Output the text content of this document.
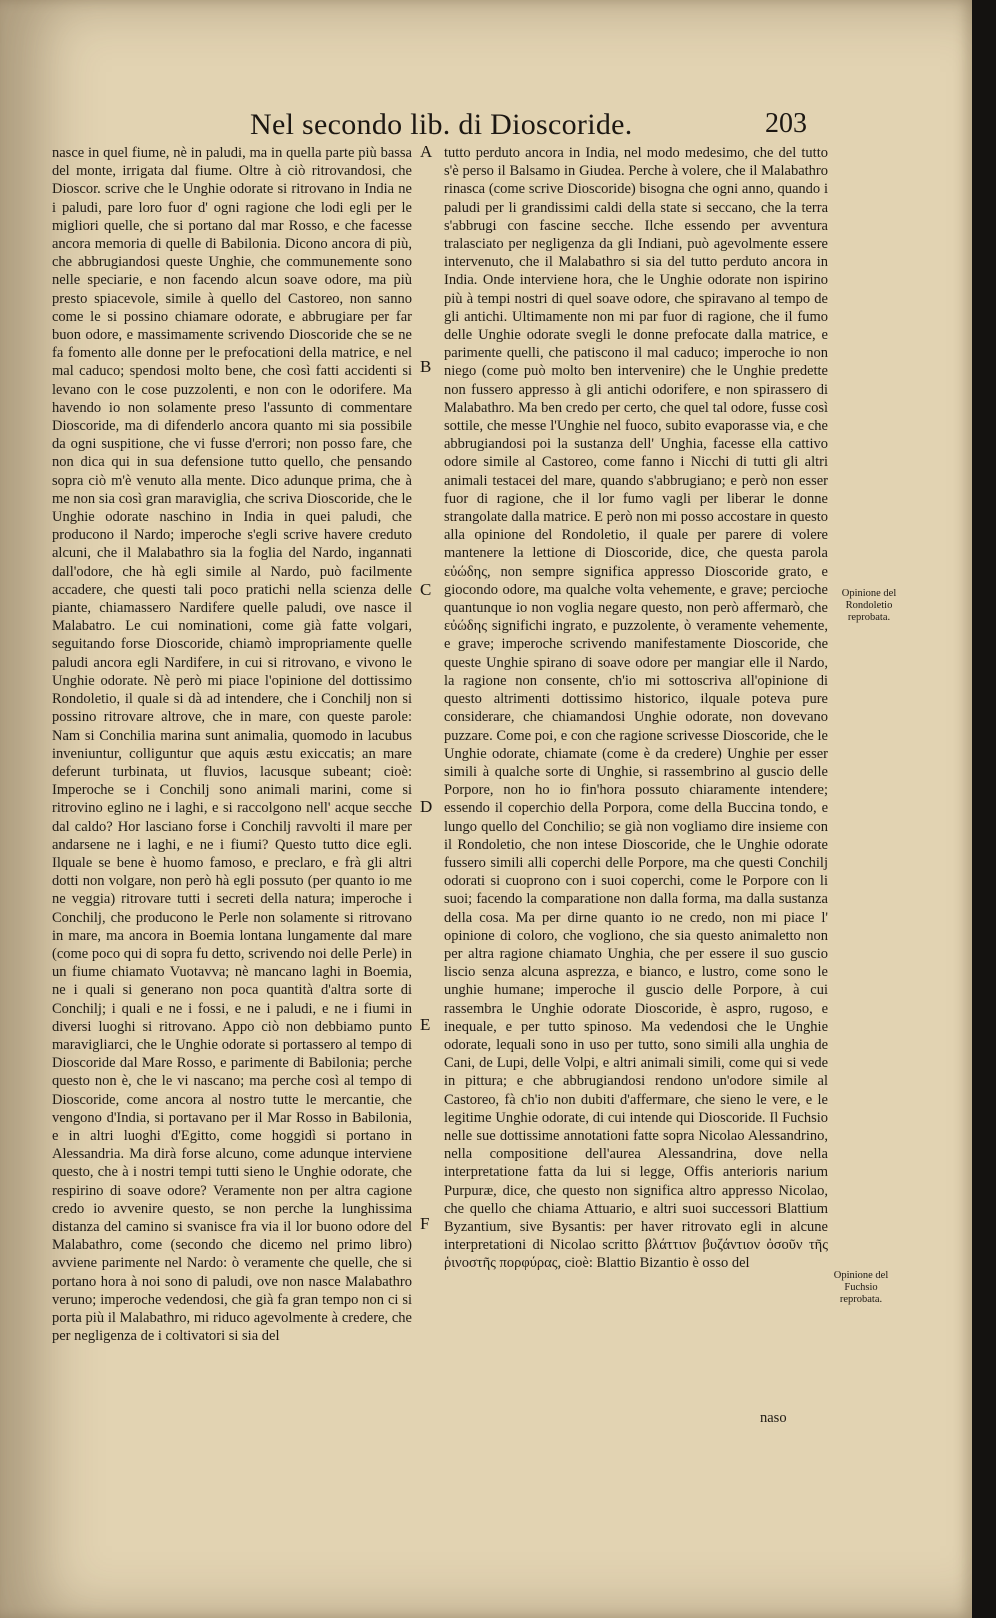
Nel secondo lib. di Dioscoride.	203

nasce in quel fiume, nè in paludi, ma in quella parte più bassa del monte, irrigata dal fiume. Oltre à ciò ritrovandosi, che Dioscor. scrive che le Unghie odorate si ritrovano in India ne i paludi, pare loro fuor d' ogni ragione che lodi egli per le migliori quelle, che si portano dal mar Rosso, e che facesse ancora memoria di quelle di Babilonia. Dicono ancora di più, che abbrugiandosi queste Unghie, che communemente sono nelle speciarie, e non facendo alcun soave odore, ma più presto spiacevole, simile à quello del Castoreo, non sanno come le si possino chiamare odorate, e abbrugiare per far buon odore, e massimamente scrivendo Dioscoride che se ne fa fomento alle donne per le prefocationi della matrice, e nel mal caduco; spendosi molto bene, che così fatti accidenti si levano con le cose puzzolenti, e non con le odorifere. Ma havendo io non solamente preso l'assunto di commentare Dioscoride, ma di difenderlo ancora quanto mi sia possibile da ogni suspitione, che vi fusse d'errori; non posso fare, che non dica qui in sua defensione tutto quello, che pensando sopra ciò m'è venuto alla mente. Dico adunque prima, che à me non sia così gran maraviglia, che scriva Dioscoride, che le Unghie odorate naschino in India in quei paludi, che producono il Nardo; imperoche s'egli scrive havere creduto alcuni, che il Malabathro sia la foglia del Nardo, ingannati dall'odore, che hà egli simile al Nardo, può facilmente accadere, che questi tali poco pratichi nella scienza delle piante, chiamassero Nardifere quelle paludi, ove nasce il Malabatro. Le cui nominationi, come già fatte volgari, seguitando forse Dioscoride, chiamò impropriamente quelle paludi ancora egli Nardifere, in cui si ritrovano, e vivono le Unghie odorate. Nè però mi piace l'opinione del dottissimo Rondoletio, il quale si dà ad intendere, che i Conchilj non si possino ritrovare altrove, che in mare, con queste parole: Nam si Conchilia marina sunt animalia, quomodo in lacubus inveniuntur, colliguntur que aquis æstu exiccatis; an mare deferunt turbinata, ut fluvios, lacusque subeant; cioè: Imperoche se i Conchilj sono animali marini, come si ritrovino eglino ne i laghi, e si raccolgono nell' acque secche dal caldo? Hor lasciano forse i Conchilj ravvolti il mare per andarsene ne i laghi, e ne i fiumi? Questo tutto dice egli. Ilquale se bene è huomo famoso, e preclaro, e frà gli altri dotti non volgare, non però hà egli possuto (per quanto io me ne veggia) ritrovare tutti i secreti della natura; imperoche i Conchilj, che producono le Perle non solamente si ritrovano in mare, ma ancora in Boemia lontana lungamente dal mare (come poco qui di sopra fu detto, scrivendo noi delle Perle) in un fiume chiamato Vuotavva; nè mancano laghi in Boemia, ne i quali si generano non poca quantità d'altra sorte di Conchilj; i quali e ne i fossi, e ne i paludi, e ne i fiumi in diversi luoghi si ritrovano. Appo ciò non debbiamo punto maravigliarci, che le Unghie odorate si portassero al tempo di Dioscoride dal Mare Rosso, e parimente di Babilonia; perche questo non è, che le vi nascano; ma perche così al tempo di Dioscoride, come ancora al nostro tutte le mercantie, che vengono d'India, si portavano per il Mar Rosso in Babilonia, e in altri luoghi d'Egitto, come hoggidì si portano in Alessandria. Ma dirà forse alcuno, come adunque interviene questo, che à i nostri tempi tutti sieno le Unghie odorate, che respirino di soave odore? Veramente non per altra cagione credo io avvenire questo, se non perche la lunghissima distanza del camino si svanisce fra via il lor buono odore del Malabathro, come (secondo che dicemo nel primo libro) avviene parimente nel Nardo: ò veramente che quelle, che si portano hora à noi sono di paludi, ove non nasce Malabathro veruno; imperoche vedendosi, che già fa gran tempo non ci si porta più il Malabathro, mi riduco agevolmente à credere, che per negligenza de i coltivatori si sia del

tutto perduto ancora in India, nel modo medesimo, che del tutto s'è perso il Balsamo in Giudea. Perche à volere, che il Malabathro rinasca (come scrive Dioscoride) bisogna che ogni anno, quando i paludi per li grandissimi caldi della state si seccano, che la terra s'abbrugi con fascine secche. Ilche essendo per avventura tralasciato per negligenza da gli Indiani, può agevolmente essere intervenuto, che il Malabathro si sia del tutto perduto ancora in India. Onde interviene hora, che le Unghie odorate non ispirino più à tempi nostri di quel soave odore, che spiravano al tempo de gli antichi. Ultimamente non mi par fuor di ragione, che il fumo delle Unghie odorate svegli le donne prefocate dalla matrice, e parimente quelli, che patiscono il mal caduco; imperoche io non niego (come può molto ben intervenire) che le Unghie predette non fussero appresso à gli antichi odorifere, e non spirassero di Malabathro. Ma ben credo per certo, che quel tal odore, fusse così sottile, che messe l'Unghie nel fuoco, subito evaporasse via, e che abbrugiandosi poi la sustanza dell' Unghia, facesse ella cattivo odore simile al Castoreo, come fanno i Nicchi di tutti gli altri animali testacei del mare, quando s'abbrugiano; e però non esser fuor di ragione, che il lor fumo vagli per liberar le donne strangolate dalla matrice. E però non mi posso accostare in questo alla opinione del Rondoletio, il quale per parere di volere mantenere la lettione di Dioscoride, dice, che questa parola εὐώδης, non sempre significa appresso Dioscoride grato, e giocondo odore, ma qualche volta vehemente, e grave; percioche quantunque io non voglia negare questo, non però affermarò, che εὐώδης significhi ingrato, e puzzolente, ò veramente vehemente, e grave; imperoche scrivendo manifestamente Dioscoride, che queste Unghie spirano di soave odore per mangiar elle il Nardo, la ragione non consente, ch'io mi sottoscriva all'opinione di questo altrimenti dottissimo historico, ilquale poteva pure considerare, che chiamandosi Unghie odorate, non dovevano puzzare. Come poi, e con che ragione scrivesse Dioscoride, che le Unghie odorate, chiamate (come è da credere) Unghie per esser simili à qualche sorte di Unghie, si rassembrino al guscio delle Porpore, non ho io fin'hora possuto chiaramente intendere; essendo il coperchio della Porpora, come della Buccina tondo, e lungo quello del Conchilio; se già non vogliamo dire insieme con il Rondoletio, che non intese Dioscoride, che le Unghie odorate fussero simili alli coperchi delle Porpore, ma che questi Conchilj odorati si cuoprono con i suoi coperchi, come le Porpore con li suoi; facendo la comparatione non dalla forma, ma dalla sustanza della cosa. Ma per dirne quanto io ne credo, non mi piace l' opinione di coloro, che vogliono, che sia questo animaletto non per altra ragione chiamato Unghia, che per essere il suo guscio liscio senza alcuna asprezza, e bianco, e lustro, come sono le unghie humane; imperoche il guscio delle Porpore, à cui rassembra le Unghie odorate Dioscoride, è aspro, rugoso, e inequale, e per tutto spinoso. Ma vedendosi che le Unghie odorate, lequali sono in uso per tutto, sono simili alla unghia de Cani, de Lupi, delle Volpi, e altri animali simili, come qui si vede in pittura; e che abbrugiandosi rendono un'odore simile al Castoreo, fà ch'io non dubiti d'affermare, che sieno le vere, e le legitime Unghie odorate, di cui intende qui Dioscoride. Il Fuchsio nelle sue dottissime annotationi fatte sopra Nicolao Alessandrino, nella compositione dell'aurea Alessandrina, dove nella interpretatione fatta da lui si legge, Offis anterioris narium Purpuræ, dice, che questo non significa altro appresso Nicolao, che quello che chiama Attuario, e altri suoi successori Blattium Byzantium, sive Bysantis: per haver ritrovato egli in alcune interpretationi di Nicolao scritto βλάττιον βυζάντιον ὀσοῦν τῆς ῥινοστῆς πορφύρας, cioè: Blattio Bizantio è osso del

A
B
C
D
E
F
Opinione del Rondoletio reprobata.
Opinione del Fuchsio reprobata.
naso
